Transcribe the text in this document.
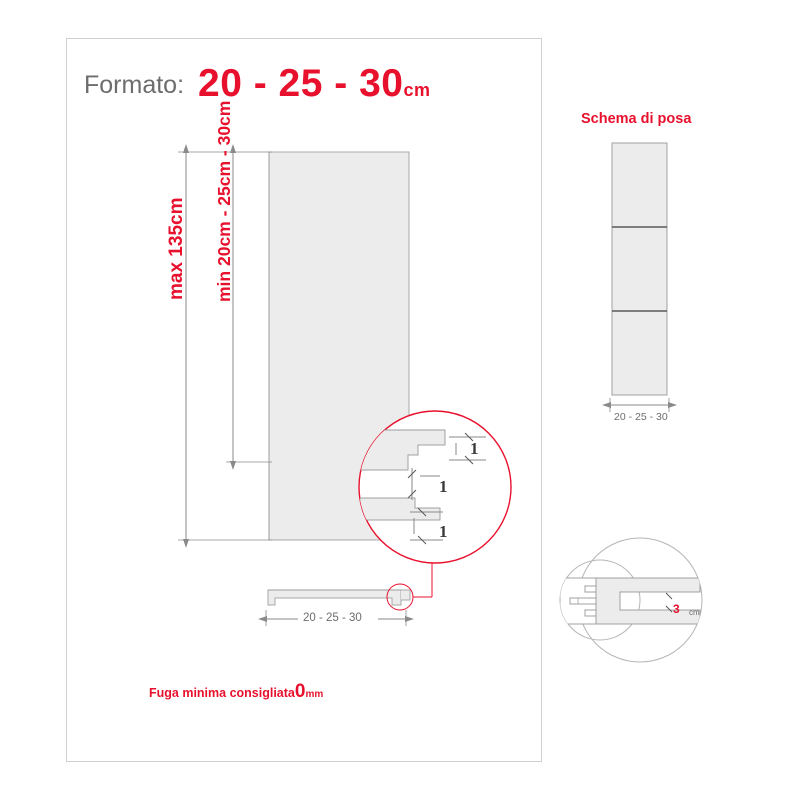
Formato: 20 - 25 - 30cm
Schema di posa
max 135cm min 20cm - 25cm - 30cm
20 - 25 - 30
20 - 25 - 30
1
1
1
3 cm
Fuga minima consigliata0mm
